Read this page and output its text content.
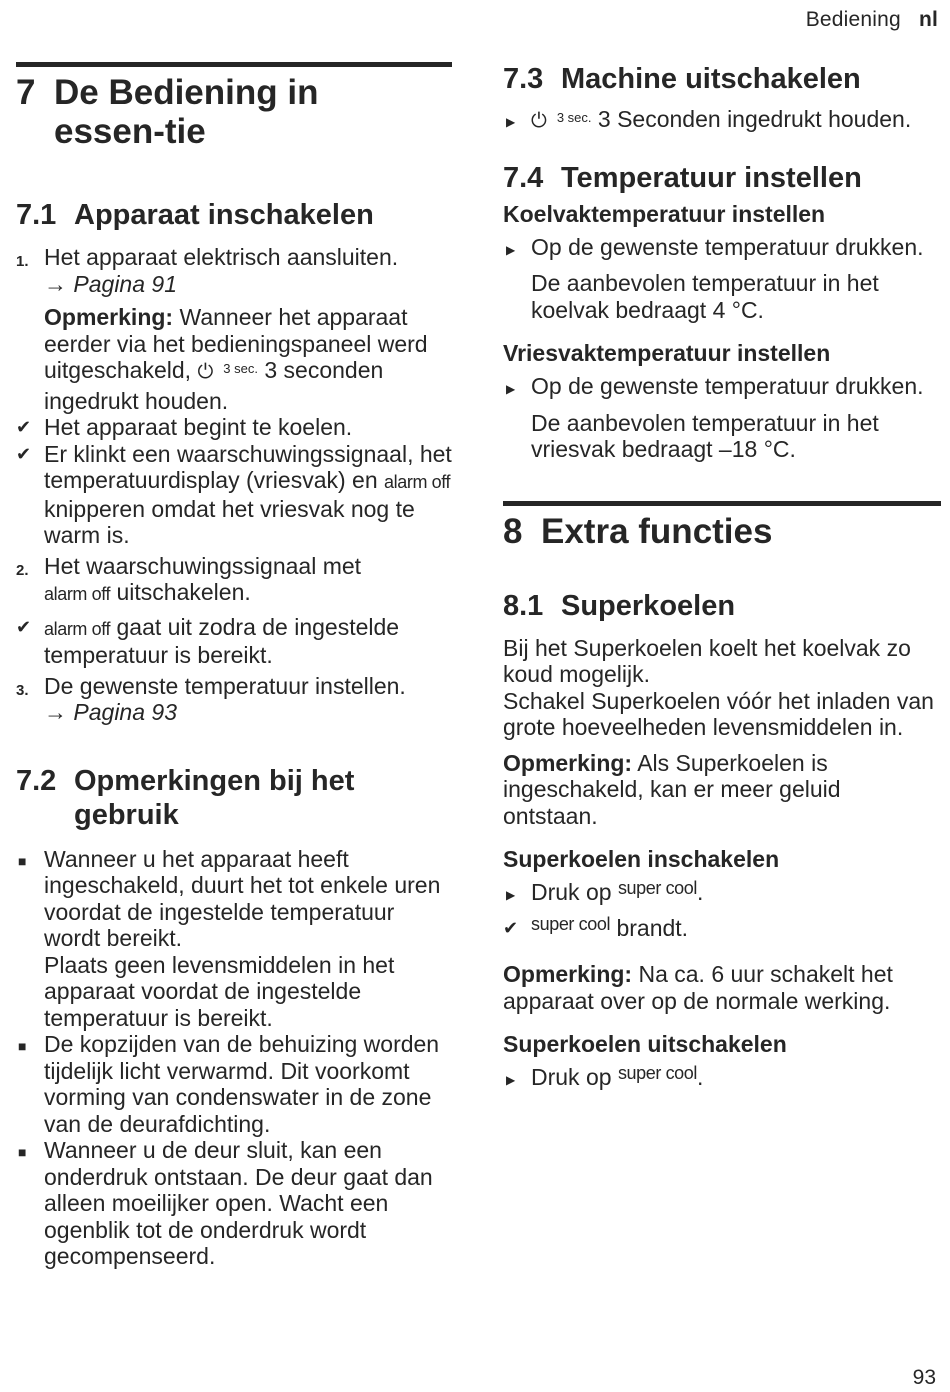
Bediening nl
7 De Bediening in essen-tie
7.1 Apparaat inschakelen
1. Het apparaat elektrisch aansluiten.
→ Pagina 91
Opmerking: Wanneer het apparaat eerder via het bedieningspaneel werd uitgeschakeld, ⏻ $^{3 sec.}$ 3 seconden ingedrukt houden.
✔ Het apparaat begint te koelen.
✔ Er klinkt een waarschuwingssignaal, het temperatuurdisplay (vriesvak) en alarm off knipperen omdat het vriesvak nog te warm is.
2. Het waarschuwingssignaal met
alarm off uitschakelen.
✔ alarm off gaat uit zodra de ingestelde temperatuur is bereikt.
3. De gewenste temperatuur instellen.
→ Pagina 93
7.2 Opmerkingen bij het gebruik
■ Wanneer u het apparaat heeft ingeschakeld, duurt het tot enkele uren voordat de ingestelde temperatuur wordt bereikt.
Plaats geen levensmiddelen in het apparaat voordat de ingestelde temperatuur is bereikt.
■ De kopzijden van de behuizing worden tijdelijk licht verwarmd. Dit voorkomt vorming van condenswater in de zone van de deurafdichting.
■ Wanneer u de deur sluit, kan een onderdruk ontstaan. De deur gaat dan alleen moeilijker open. Wacht een ogenblik tot de onderdruk wordt gecompenseerd.
7.3 Machine uitschakelen
▶ ⏻ $^{3 sec.}$ 3 Seconden ingedrukt houden.
7.4 Temperatuur instellen
Koelvaktemperatuur instellen
▶ Op de gewenste temperatuur drukken.
De aanbevolen temperatuur in het koelvak bedraagt 4 °C.
Vriesvaktemperatuur instellen
▶ Op de gewenste temperatuur drukken.
De aanbevolen temperatuur in het vriesvak bedraagt ‒18 °C.
8 Extra functies
8.1 Superkoelen
Bij het Superkoelen koelt het koelvak zo koud mogelijk.
Schakel Superkoelen vóór het inladen van grote hoeveelheden levensmiddelen in.
Opmerking: Als Superkoelen is ingeschakeld, kan er meer geluid ontstaan.
Superkoelen inschakelen
▶ Druk op $^{super cool}$.
✔ $^{super cool}$ brandt.
Opmerking: Na ca. 6 uur schakelt het apparaat over op de normale werking.
Superkoelen uitschakelen
▶ Druk op $^{super cool}$.
93
